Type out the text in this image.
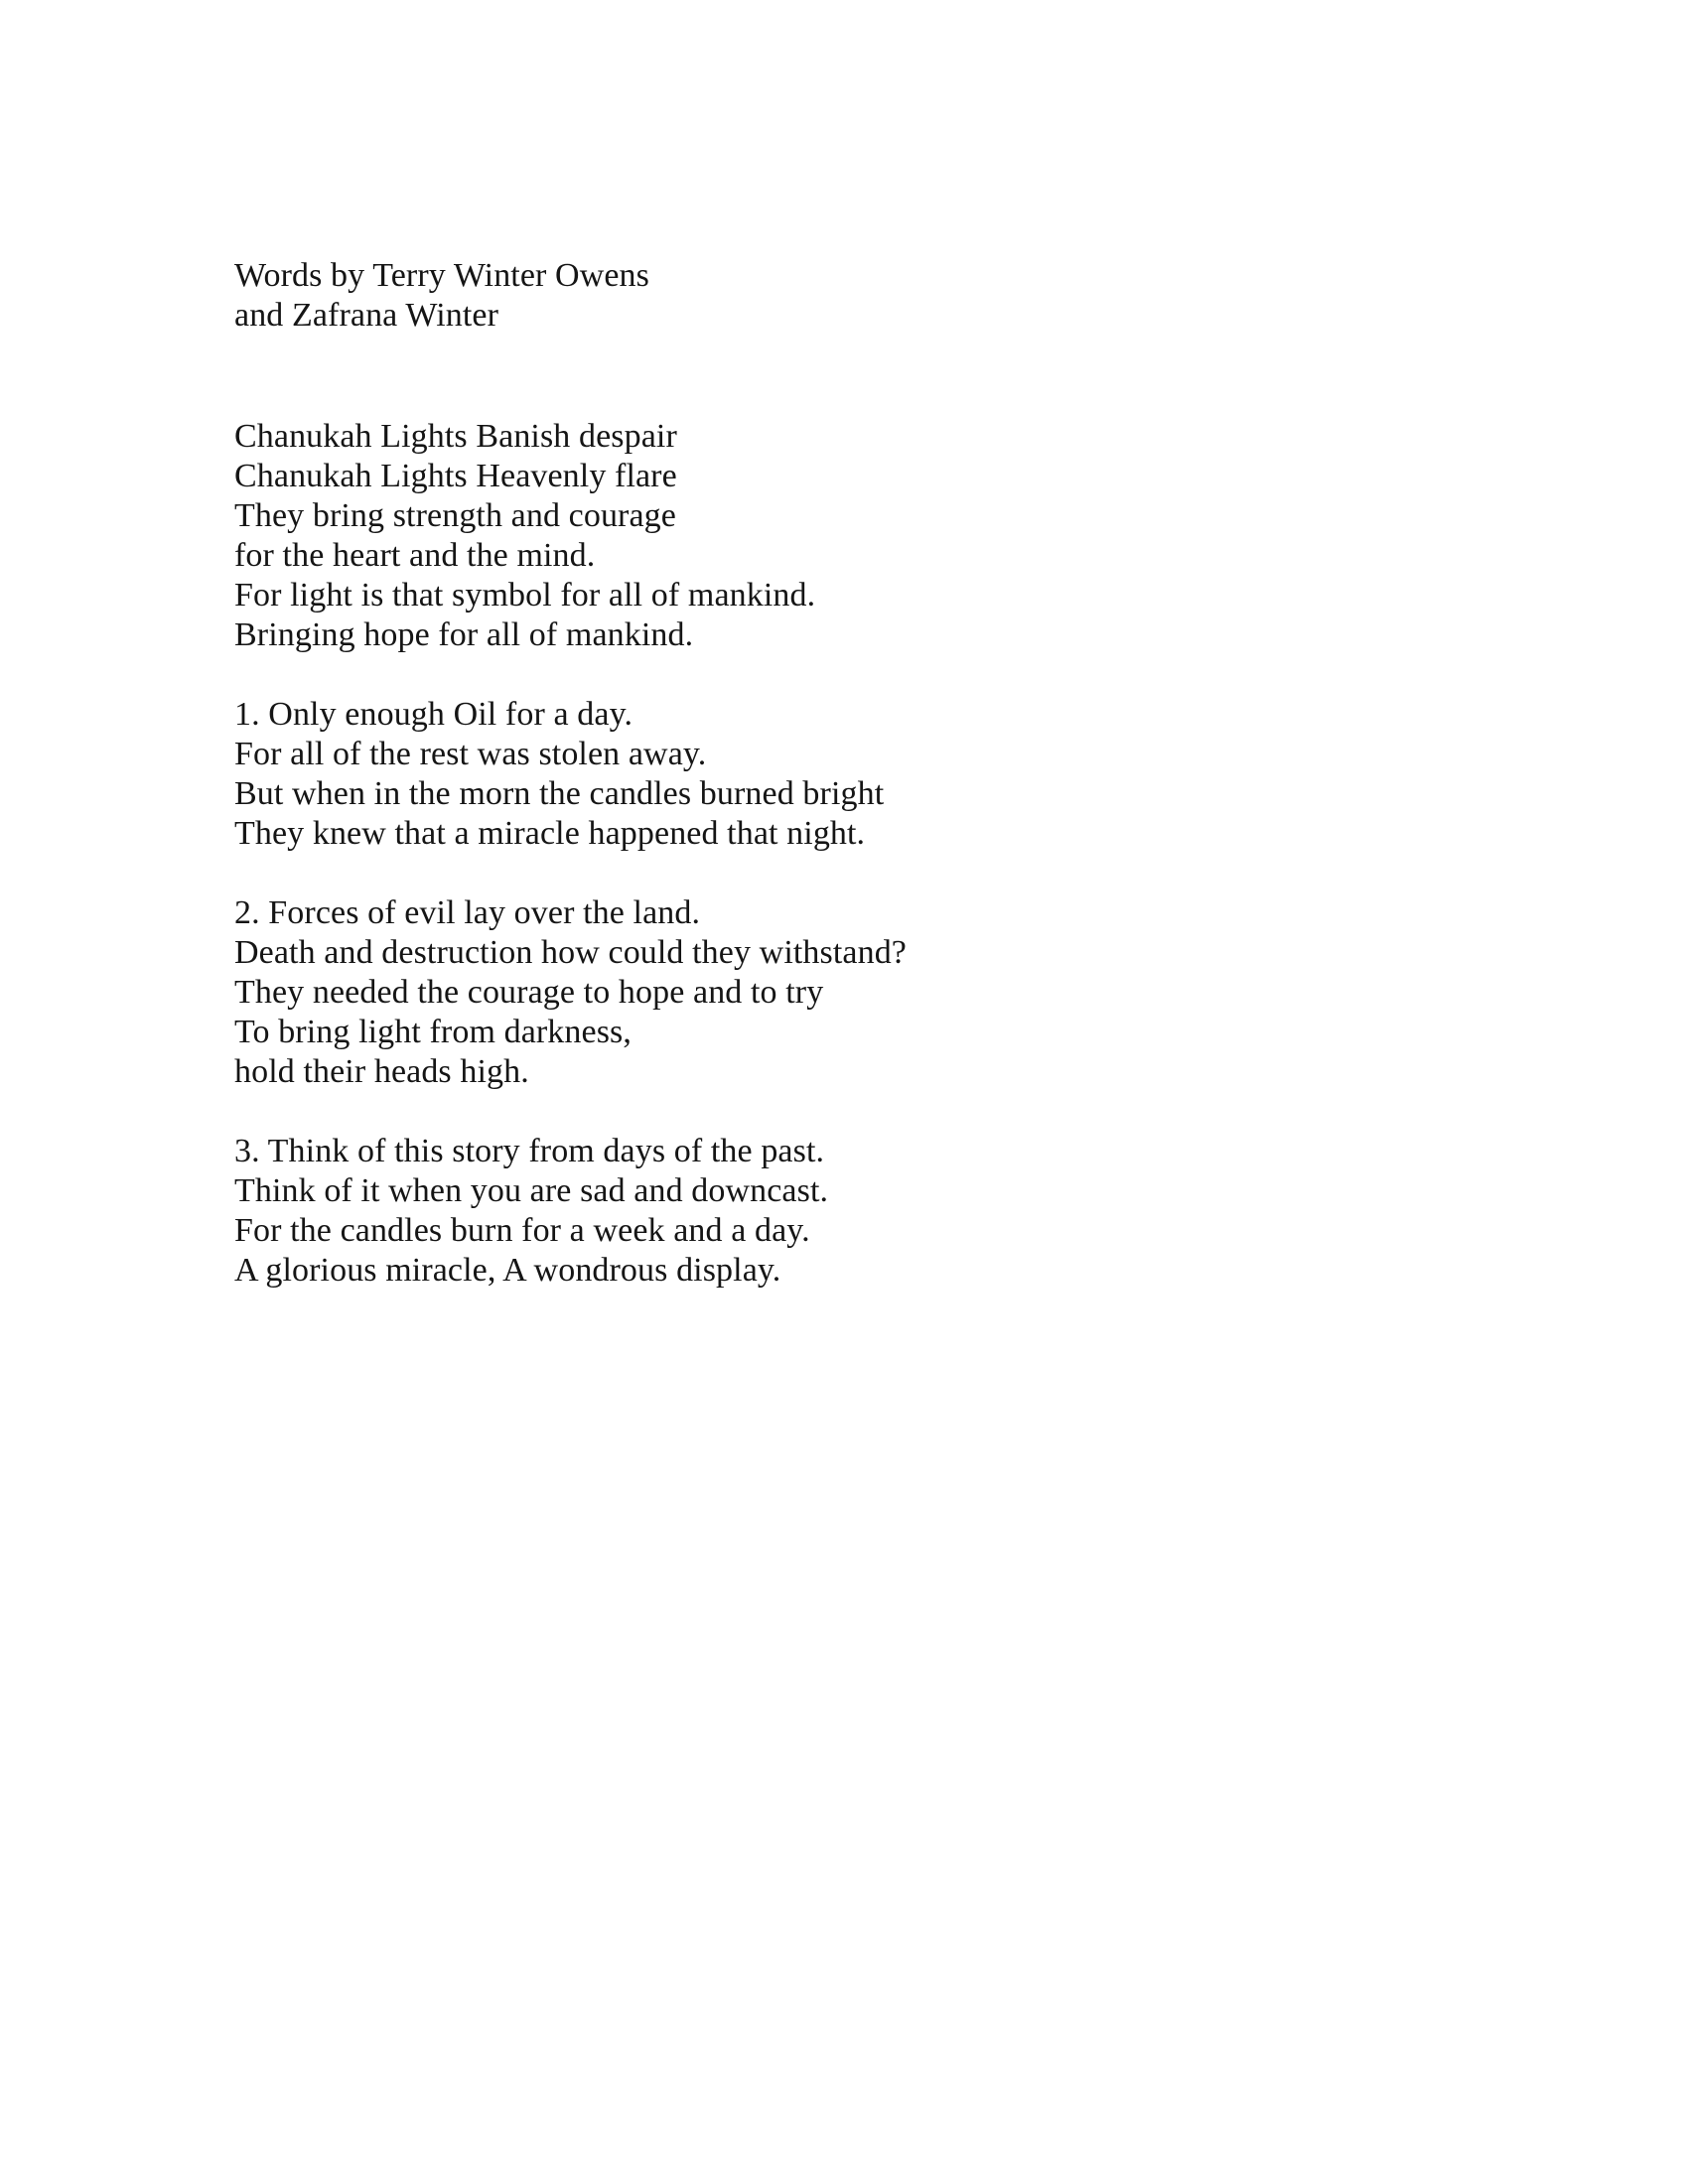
Words by Terry Winter Owens
and Zafrana Winter

Chanukah Lights Banish despair
Chanukah Lights Heavenly flare
They bring strength and courage
for the heart and the mind.
For light is that symbol for all of mankind.
Bringing hope for all of mankind.

1. Only enough Oil for a day.
For all of the rest was stolen away.
But when in the morn the candles burned bright
They knew that a miracle happened that night.

2. Forces of evil lay over the land.
Death and destruction how could they withstand?
They needed the courage to hope and to try
To bring light from darkness,
hold their heads high.

3. Think of this story from days of the past.
Think of it when you are sad and downcast.
For the candles burn for a week and a day.
A glorious miracle, A wondrous display.
